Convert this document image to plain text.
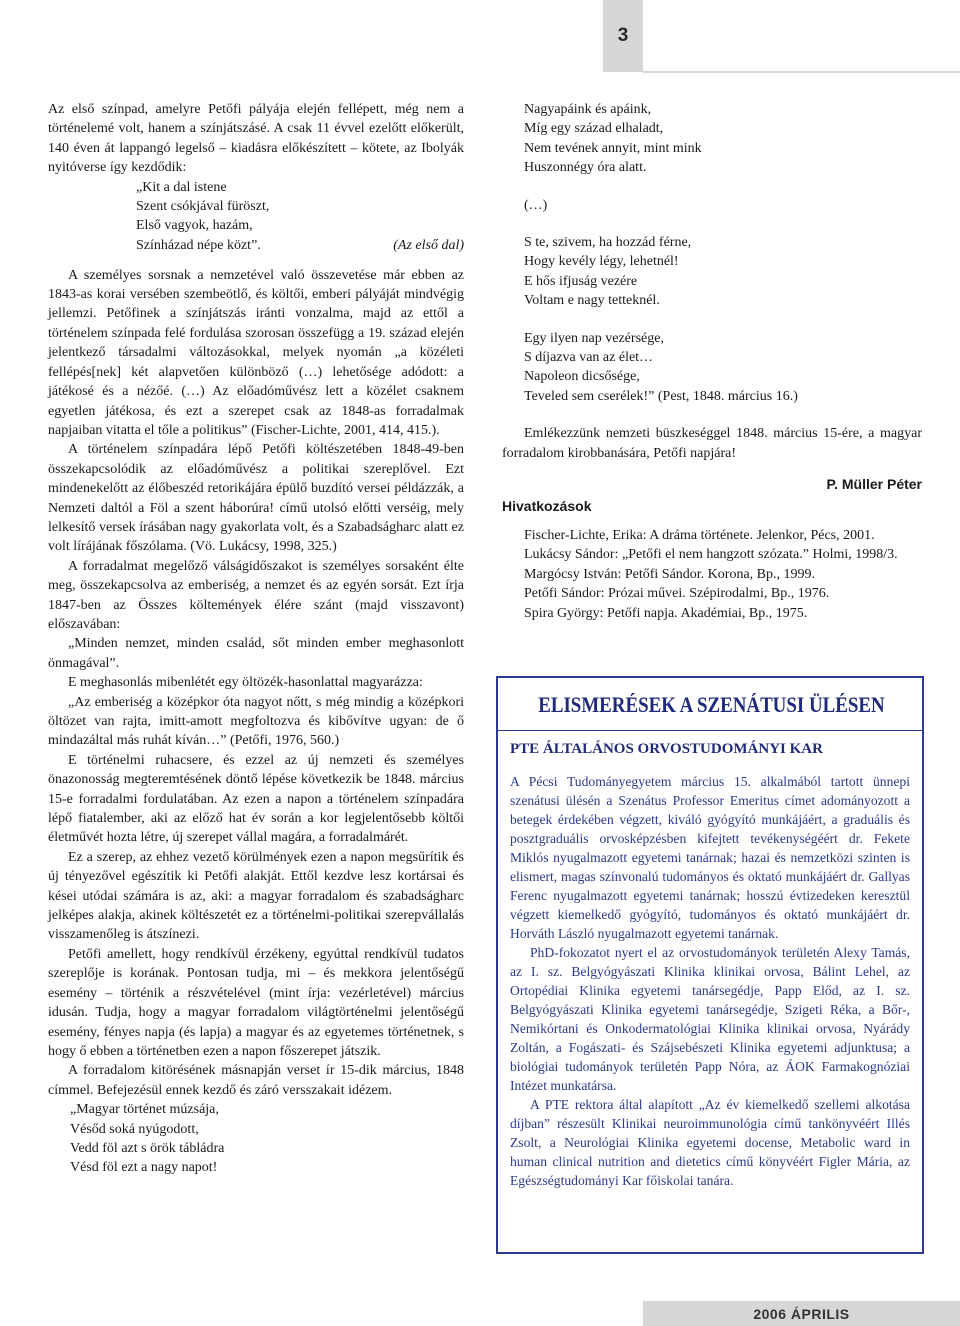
3

Az első színpad, amelyre Petőfi pályája elején fellépett, még nem a történelemé volt, hanem a színjátszásé. A csak 11 évvel ezelőtt előkerült, 140 éven át lappangó legelső – kiadásra előkészített – kötete, az Ibolyák nyitóverse így kezdődik:

„Kit a dal istene
Szent csókjával füröszt,
Első vagyok, hazám,
Színházad népe közt”.	(Az első dal)

A személyes sorsnak a nemzetével való összevetése már ebben az 1843-as korai versében szembeötlő, és költői, emberi pályáját mindvégig jellemzi. Petőfinek a színjátszás iránti vonzalma, majd az ettől a történelem színpada felé fordulása szorosan összefügg a 19. század elején jelentkező társadalmi változásokkal, melyek nyomán „a közéleti fellépés[nek] két alapvetően különböző (…) lehetősége adódott: a játékosé és a nézőé. (…) Az előadóművész lett a közélet csaknem egyetlen játékosa, és ezt a szerepet csak az 1848-as forradalmak napjaiban vitatta el tőle a politikus” (Fischer-Lichte, 2001, 414, 415.).

A történelem színpadára lépő Petőfi költészetében 1848-49-ben összekapcsolódik az előadóművész a politikai szereplővel. Ezt mindenekelőtt az élőbeszéd retorikájára épülő buzdító versei példázzák, a Nemzeti daltól a Föl a szent háborúra! című utolsó előtti verséig, mely lelkesítő versek írásában nagy gyakorlata volt, és a Szabadságharc alatt ez volt lírájának főszólama. (Vö. Lukácsy, 1998, 325.)

A forradalmat megelőző válságidőszakot is személyes sorsaként élte meg, összekapcsolva az emberiség, a nemzet és az egyén sorsát. Ezt írja 1847-ben az Összes költemények élére szánt (majd visszavont) előszavában:

„Minden nemzet, minden család, sőt minden ember meghasonlott önmagával”.

E meghasonlás mibenlétét egy öltözék-hasonlattal magyarázza:

„Az emberiség a középkor óta nagyot nőtt, s még mindig a középkori öltözet van rajta, imitt-amott megfoltozva és kibővítve ugyan: de ő mindazáltal más ruhát kíván…” (Petőfi, 1976, 560.)

E történelmi ruhacsere, és ezzel az új nemzeti és személyes önazonosság megteremtésének döntő lépése következik be 1848. március 15-e forradalmi fordulatában. Az ezen a napon a történelem színpadára lépő fiatalember, aki az előző hat év során a kor legjelentősebb költői életművét hozta létre, új szerepet vállal magára, a forradalmárét.

Ez a szerep, az ehhez vezető körülmények ezen a napon megsűrítik és új tényezővel egészítik ki Petőfi alakját. Ettől kezdve lesz kortársai és kései utódai számára is az, aki: a magyar forradalom és szabadságharc jelképes alakja, akinek költészetét ez a történelmi-politikai szerepvállalás visszamenőleg is átszínezi.

Petőfi amellett, hogy rendkívül érzékeny, egyúttal rendkívül tudatos szereplője is korának. Pontosan tudja, mi – és mekkora jelentőségű esemény – történik a részvételével (mint írja: vezérletével) március idusán. Tudja, hogy a magyar forradalom világtörténelmi jelentőségű esemény, fényes napja (és lapja) a magyar és az egyetemes történetnek, s hogy ő ebben a történetben ezen a napon főszerepet játszik.

A forradalom kitörésének másnapján verset ír 15-dik március, 1848 címmel. Befejezésül ennek kezdő és záró versszakait idézem.

„Magyar történet múzsája,
Vésőd soká nyúgodott,
Vedd föl azt s örök tábládra
Vésd föl ezt a nagy napot!

Nagyapáink és apáink,
Míg egy század elhaladt,
Nem tevének annyit, mint mink
Huszonnégy óra alatt.

(…)

S te, szivem, ha hozzád férne,
Hogy kevély légy, lehetnél!
E hős ifjuság vezére
Voltam e nagy tetteknél.

Egy ilyen nap vezérsége,
S díjazva van az élet…
Napoleon dicsősége,
Teveled sem cserélek!” (Pest, 1848. március 16.)

Emlékezzünk nemzeti büszkeséggel 1848. március 15-ére, a magyar forradalom kirobbanására, Petőfi napjára!

P. Müller Péter
Hivatkozások
Fischer-Lichte, Erika: A dráma története. Jelenkor, Pécs, 2001.
Lukácsy Sándor: „Petőfi el nem hangzott szózata.” Holmi, 1998/3.
Margócsy István: Petőfi Sándor. Korona, Bp., 1999.
Petőfi Sándor: Prózai művei. Szépirodalmi, Bp., 1976.
Spira György: Petőfi napja. Akadémiai, Bp., 1975.
ELISMERÉSEK A SZENÁTUSI ÜLÉSEN
PTE ÁLTALÁNOS ORVOSTUDOMÁNYI KAR

A Pécsi Tudományegyetem március 15. alkalmából tartott ünnepi szenátusi ülésén a Szenátus Professor Emeritus címet adományozott a betegek érdekében végzett, kiváló gyógyító munkájáért, a graduális és posztgraduális orvosképzésben kifejtett tevékenységéért dr. Fekete Miklós nyugalmazott egyetemi tanárnak; hazai és nemzetközi szinten is elismert, magas színvonalú tudományos és oktató munkájáért dr. Gallyas Ferenc nyugalmazott egyetemi tanárnak; hosszú évtizedeken keresztül végzett kiemelkedő gyógyító, tudományos és oktató munkájáért dr. Horváth László nyugalmazott egyetemi tanárnak.

PhD-fokozatot nyert el az orvostudományok területén Alexy Tamás, az I. sz. Belgyógyászati Klinika klinikai orvosa, Bálint Lehel, az Ortopédiai Klinika egyetemi tanársegédje, Papp Előd, az I. sz. Belgyógyászati Klinika egyetemi tanársegédje, Szigeti Réka, a Bőr-, Nemikórtani és Onkodermatológiai Klinika klinikai orvosa, Nyárády Zoltán, a Fogászati- és Szájsebészeti Klinika egyetemi adjunktusa; a biológiai tudományok területén Papp Nóra, az ÁOK Farmakognóziai Intézet munkatársa.

A PTE rektora által alapított „Az év kiemelkedő szellemi alkotása díjban” részesült Klinikai neuroimmunológia című tankönyvéért Illés Zsolt, a Neurológiai Klinika egyetemi docense, Metabolic ward in human clinical nutrition and dietetics című könyvéért Figler Mária, az Egészségtudományi Kar főiskolai tanára.

2006 ÁPRILIS
